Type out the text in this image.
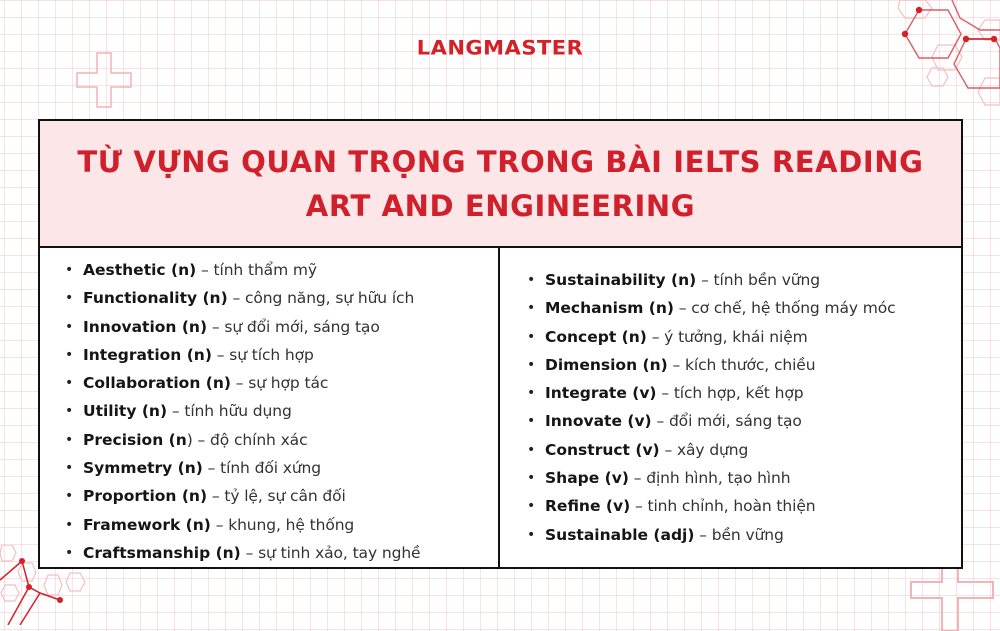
LANGMASTER
TỪ VỰNG QUAN TRỌNG TRONG BÀI IELTS READING
ART AND ENGINEERING
• Aesthetic (n) – tính thẩm mỹ
• Functionality (n) – công năng, sự hữu ích
• Innovation (n) – sự đổi mới, sáng tạo
• Integration (n) – sự tích hợp
• Collaboration (n) – sự hợp tác
• Utility (n) – tính hữu dụng
• Precision (n) – độ chính xác
• Symmetry (n) – tính đối xứng
• Proportion (n) – tỷ lệ, sự cân đối
• Framework (n) – khung, hệ thống
• Craftsmanship (n) – sự tinh xảo, tay nghề
• Sustainability (n) – tính bền vững
• Mechanism (n) – cơ chế, hệ thống máy móc
• Concept (n) – ý tưởng, khái niệm
• Dimension (n) – kích thước, chiều
• Integrate (v) – tích hợp, kết hợp
• Innovate (v) – đổi mới, sáng tạo
• Construct (v) – xây dựng
• Shape (v) – định hình, tạo hình
• Refine (v) – tinh chỉnh, hoàn thiện
• Sustainable (adj) – bền vững
